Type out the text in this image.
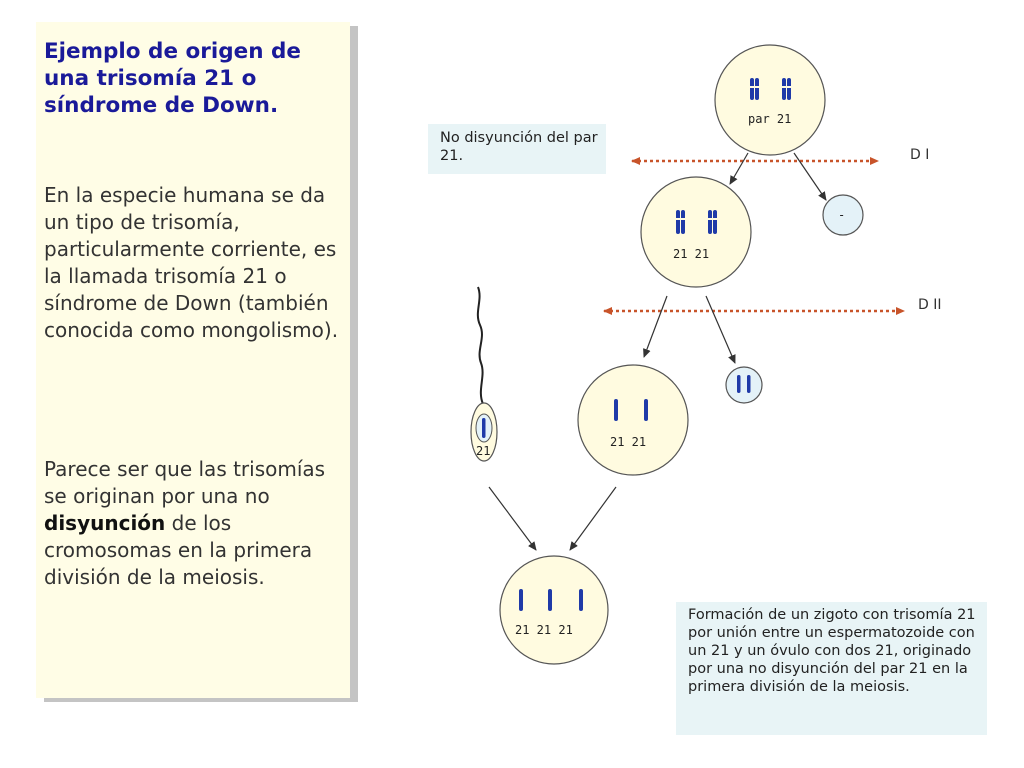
Ejemplo de origen de una trisomía 21 o síndrome de Down.

En la especie humana se da un tipo de trisomía, particularmente corriente, es la llamada trisomía 21 o síndrome de Down (también conocida como mongolismo).

Parece ser que las trisomías se originan por una no disyunción de los cromosomas en la primera división de la meiosis.

No disyunción del par 21.
Formación de un zigoto con trisomía 21 por unión entre un espermatozoide con un 21 y un óvulo con dos 21, originado por una no disyunción del par 21 en la primera división de la meiosis.
D I
D II
par 21
-
21 21
21 21
21
21 21 21
